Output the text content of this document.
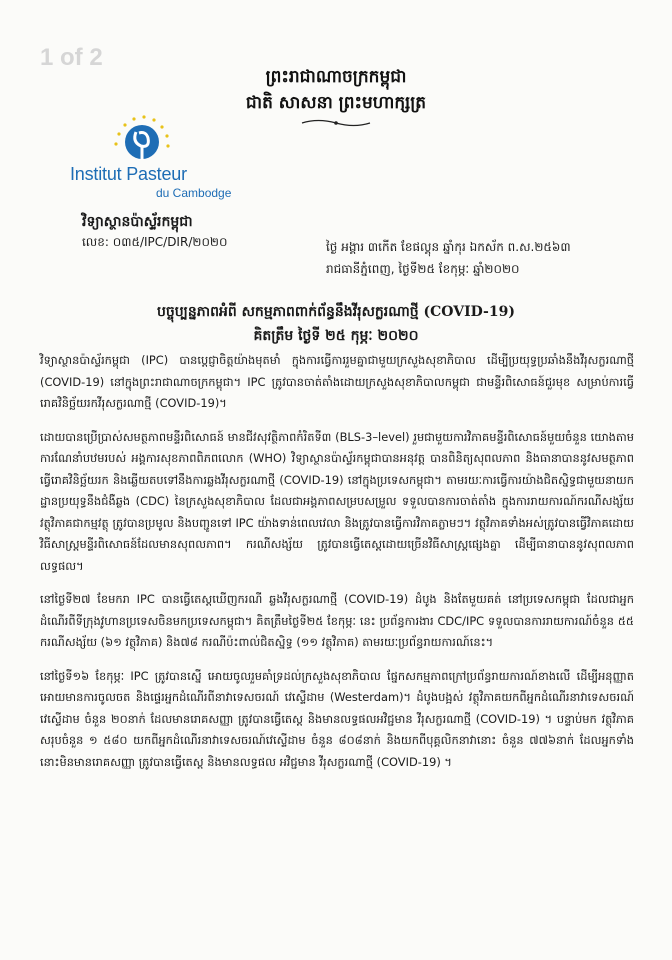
1 of 2
ព្រះរាជាណាចក្រកម្ពុជា
ជាតិ សាសនា ព្រះមហាក្សត្រ
Institut Pasteur
du Cambodge
វិទ្យាស្ថានប៉ាស្ទ័រកម្ពុជា
លេខ: ០៣៥/IPC/DIR/២០២០	ថ្ងៃ អង្គារ ៣កើត ខែផល្គុន ឆ្នាំកុរ ឯកស័ក ព.ស.២៥៦៣
រាជធានីភ្នំពេញ, ថ្ងៃទី២៥ ខែកុម្ភៈ ឆ្នាំ២០២០
បច្ចុប្បន្នភាពអំពី សកម្មភាពពាក់ព័ន្ធនឹងវីរុសក្លរណាថ្មី (COVID-19)
គិតត្រឹម ថ្ងៃទី ២៥ កុម្ភៈ ២០២០

វិទ្យាស្ថានប៉ាស្ទ័រកម្ពុជា (IPC) បានប្តេជ្ញាចិត្តយ៉ាងមុតមាំ ក្នុងការធ្វើការរួមគ្នាជាមួយក្រសួងសុខាភិបាល ដើម្បីប្រយុទ្ធប្រឆាំងនឹងវីរុសក្លរណាថ្មី (COVID-19) នៅក្នុងព្រះរាជាណាចក្រកម្ពុជា។ IPC ត្រូវបានចាត់តាំងដោយក្រសួងសុខាភិបាលកម្ពុជា ជាមន្ទីរពិសោធន៍ជួរមុខ សម្រាប់ការធ្វើរោគវិនិច្ឆ័យរកវីរុសក្លរណាថ្មី (COVID-19)។

ដោយបានប្រើប្រាស់សមត្ថភាពមន្ទីរពិសោធន៍ មានជីវសុវត្ថិភាពកំរិតទី៣ (BLS-3–level) រួមជាមួយការវិភាគមន្ទីរពិសោធន៍មួយចំនួន យោងតាមការណែនាំបឋមរបស់ អង្គការសុខភាពពិភពលោក (WHO) វិទ្យាស្ថានប៉ាស្ទ័រកម្ពុជាបានអនុវត្ត បានពិនិត្យសុពលភាព និងធានាបាននូវសមត្ថភាពធ្វើរោគវិនិច្ឆ័យរក និងឆ្លើយតបទៅនឹងការឆ្លងវីរុសក្លរណាថ្មី (COVID-19) នៅក្នុងប្រទេសកម្ពុជា។ តាមរយៈការធ្វើការយ៉ាងជិតស្និទ្ធជាមួយនាយកដ្ឋានប្រយុទ្ធនឹងជំងឺឆ្លង (CDC) នៃក្រសួងសុខាភិបាល ដែលជាអង្គភាពសម្របសម្រួល ទទួលបានការចាត់តាំង ក្នុងការរាយការណ៍ករណីសង្ស័យ វត្ថុវិភាគជាកម្មវត្ថុ ត្រូវបានប្រមូល និងបញ្ជូនទៅ IPC យ៉ាងទាន់ពេលវេលា និងត្រូវបានធ្វើការវិភាគភ្លាមៗ។ វត្ថុវិភាគទាំងអស់ត្រូវបានធ្វើវិភាគដោយ វិធីសាស្ត្រមន្ទីរពិសោធន៍ដែលមានសុពលភាព។ ករណីសង្ស័យ ត្រូវបានធ្វើតេស្តដោយច្រើនវិធីសាស្ត្រផ្សេងគ្នា ដើម្បីធានាបាននូវសុពលភាពលទ្ធផល។

នៅថ្ងៃទី២៧ ខែមករា IPC បានធ្វើតេស្តឃើញករណី ឆ្លងវីរុសក្លរណាថ្មី (COVID-19) ដំបូង និងតែមួយគត់ នៅប្រទេសកម្ពុជា ដែលជាអ្នកដំណើរពីទីក្រុងវូហានប្រទេសចិនមកប្រទេសកម្ពុជា។ គិតត្រឹមថ្ងៃទី២៥ ខែកុម្ភៈ នេះ ប្រព័ន្ធការងារ CDC/IPC ទទួលបានការរាយការណ៍ចំនួន ៥៥ ករណីសង្ស័យ (៦១ វត្ថុវិភាគ) និង៧៨ ករណីប៉ះពាល់ជិតស្និទ្ធ (១១ វត្ថុវិភាគ) តាមរយៈប្រព័ន្ធរាយការណ៍នេះ។

នៅថ្ងៃទី១៦ ខែកុម្ភៈ IPC ត្រូវបានស្នើ អោយចូលរួមគាំទ្រដល់ក្រសួងសុខាភិបាល ផ្នែកសកម្មភាពក្រៅប្រព័ន្ធរាយការណ៍ខាងលើ ដើម្បីអនុញ្ញាតអោយមានការចូលចត និងផ្ទេរអ្នកដំណើរពីនាវាទេសចរណ៍ វេស្ទើដាម (Westerdam)។ ដំបូងបង្អស់ វត្ថុវិភាគយកពីអ្នកដំណើរនាវាទេសចរណ៍វេស្ទើដាម ចំនួន ២០នាក់ ដែលមានរោគសញ្ញា ត្រូវបានធ្វើតេស្ត និងមានលទ្ធផលអវិជ្ជមាន វីរុសក្លរណាថ្មី (COVID-19) ។ បន្ទាប់មក វត្ថុវិភាគសរុបចំនួន ១ ៥៨០ យកពីអ្នកដំណើរនាវាទេសចរណ៍វេស្ទើដាម ចំនួន ៨០៨នាក់ និងយកពីបុគ្គលិកនាវានោះ ចំនួន ៧៧៦នាក់ ដែលអ្នកទាំងនោះមិនមានរោគសញ្ញា ត្រូវបានធ្វើតេស្ត និងមានលទ្ធផល អវិជ្ជមាន វីរុសក្លរណាថ្មី (COVID-19) ។
